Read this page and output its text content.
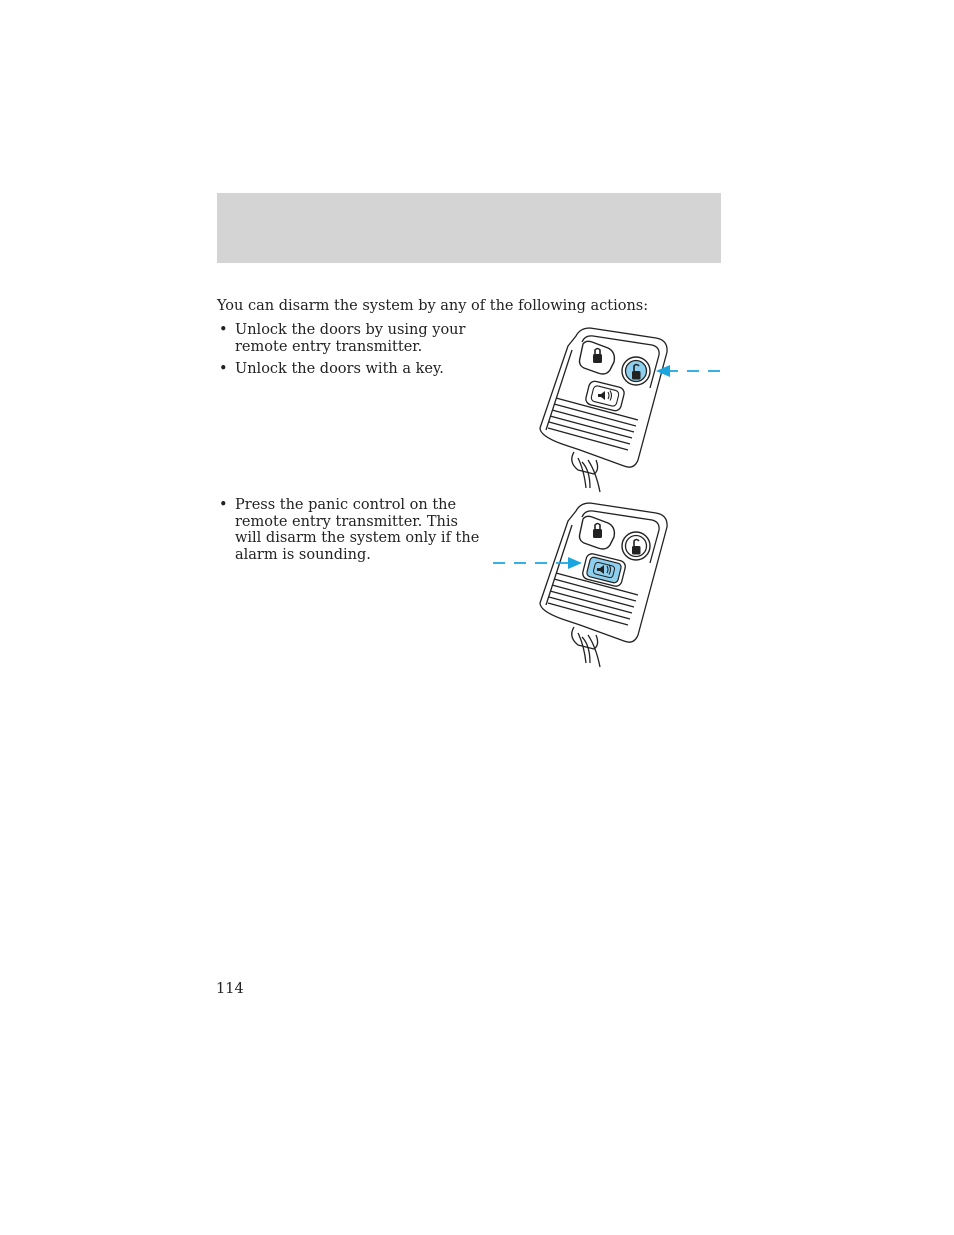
You can disarm the system by any of the following actions:

• Unlock the doors by using your remote entry transmitter.
• Unlock the doors with a key.
• Press the panic control on the remote entry transmitter. This will disarm the system only if the alarm is sounding.
114
